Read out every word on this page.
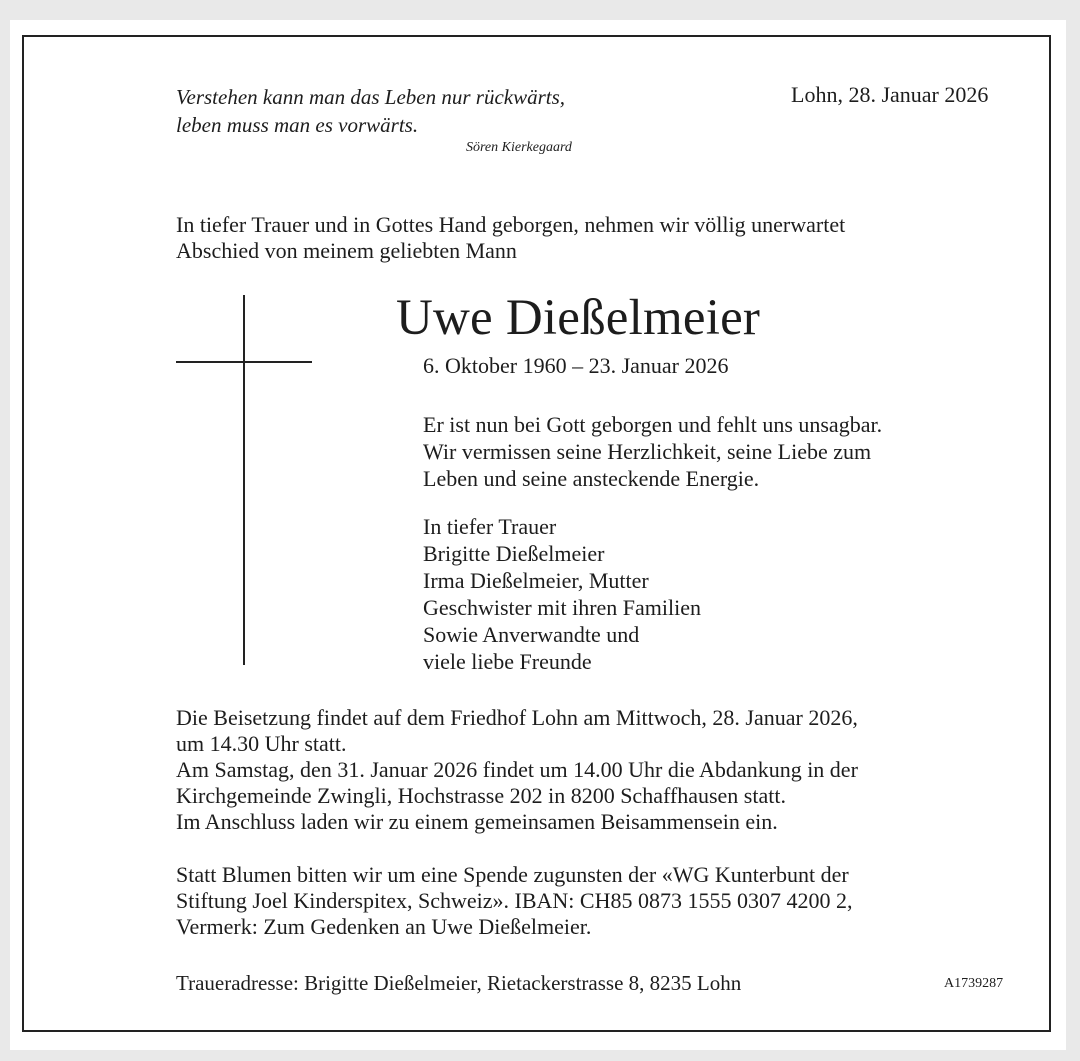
Verstehen kann man das Leben nur rückwärts,
leben muss man es vorwärts.
Sören Kierkegaard
Lohn, 28. Januar 2026
In tiefer Trauer und in Gottes Hand geborgen, nehmen wir völlig unerwartet
Abschied von meinem geliebten Mann
Uwe Dießelmeier
6. Oktober 1960 – 23. Januar 2026
Er ist nun bei Gott geborgen und fehlt uns unsagbar.
Wir vermissen seine Herzlichkeit, seine Liebe zum
Leben und seine ansteckende Energie.
In tiefer Trauer
Brigitte Dießelmeier
Irma Dießelmeier, Mutter
Geschwister mit ihren Familien
Sowie Anverwandte und
viele liebe Freunde
Die Beisetzung findet auf dem Friedhof Lohn am Mittwoch, 28. Januar 2026,
um 14.30 Uhr statt.
Am Samstag, den 31. Januar 2026 findet um 14.00 Uhr die Abdankung in der
Kirchgemeinde Zwingli, Hochstrasse 202 in 8200 Schaffhausen statt.
Im Anschluss laden wir zu einem gemeinsamen Beisammensein ein.
Statt Blumen bitten wir um eine Spende zugunsten der «WG Kunterbunt der
Stiftung Joel Kinderspitex, Schweiz». IBAN: CH85 0873 1555 0307 4200 2,
Vermerk: Zum Gedenken an Uwe Dießelmeier.
Traueradresse: Brigitte Dießelmeier, Rietackerstrasse 8, 8235 Lohn	A1739287
